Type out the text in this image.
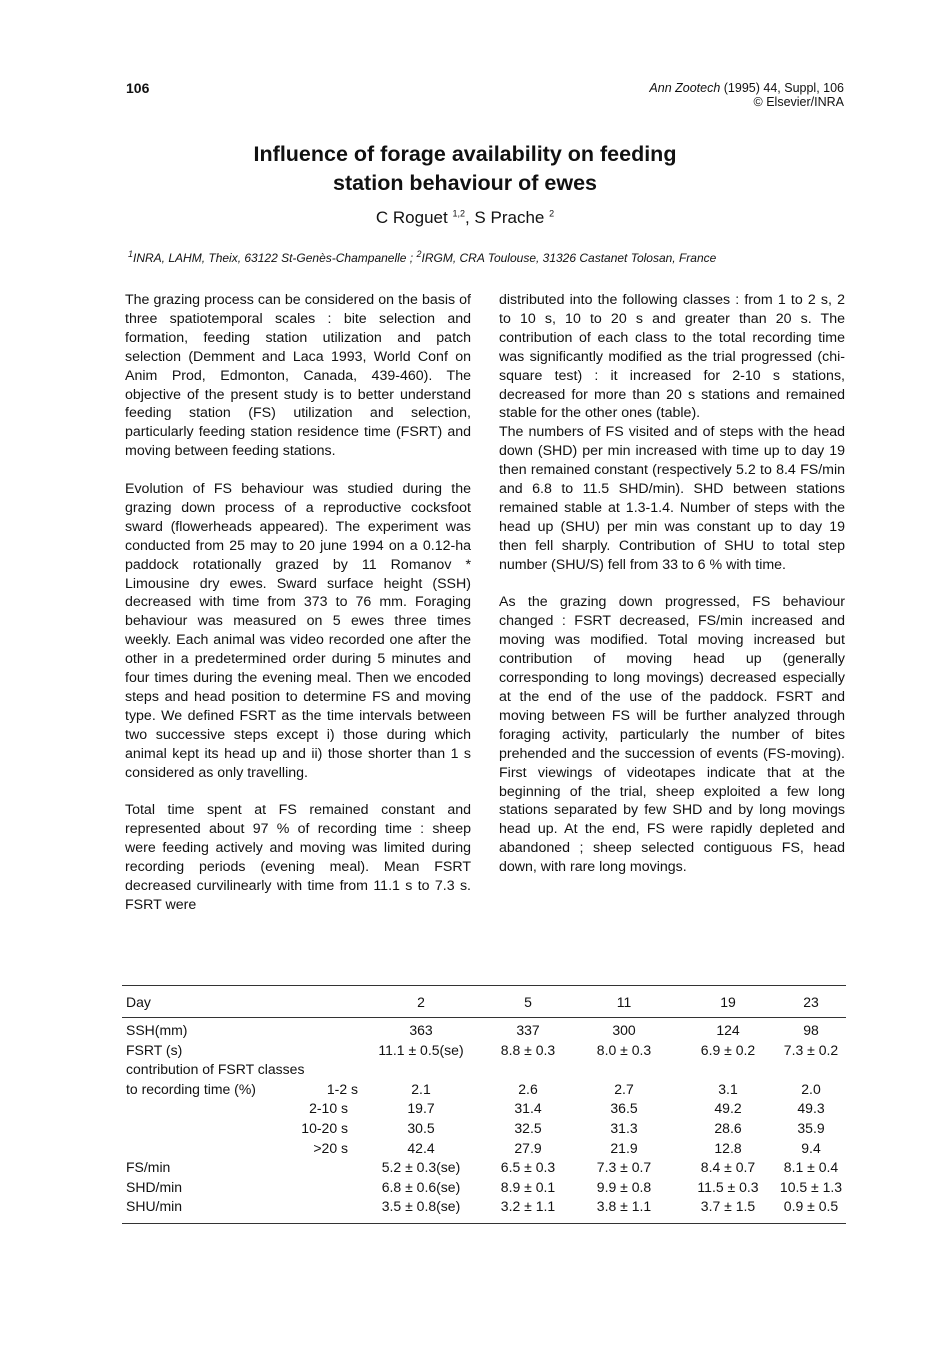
106	Ann Zootech (1995) 44, Suppl, 106
© Elsevier/INRA
Influence of forage availability on feeding
station behaviour of ewes
C Roguet $^{1,2}$, S Prache $^2$
$^1$INRA, LAHM, Theix, 63122 St-Genès-Champanelle ; $^2$IRGM, CRA Toulouse, 31326 Castanet Tolosan, France

The grazing process can be considered on the basis of three spatiotemporal scales : bite selection and formation, feeding station utilization and patch selection (Demment and Laca 1993, World Conf on Anim Prod, Edmonton, Canada, 439-460). The objective of the present study is to better understand feeding station (FS) utilization and selection, particularly feeding station residence time (FSRT) and moving between feeding stations.

Evolution of FS behaviour was studied during the grazing down process of a reproductive cocksfoot sward (flowerheads appeared). The experiment was conducted from 25 may to 20 june 1994 on a 0.12-ha paddock rotationally grazed by 11 Romanov * Limousine dry ewes. Sward surface height (SSH) decreased with time from 373 to 76 mm. Foraging behaviour was measured on 5 ewes three times weekly. Each animal was video recorded one after the other in a predetermined order during 5 minutes and four times during the evening meal. Then we encoded steps and head position to determine FS and moving type. We defined FSRT as the time intervals between two successive steps except i) those during which animal kept its head up and ii) those shorter than 1 s considered as only travelling.

Total time spent at FS remained constant and represented about 97 % of recording time : sheep were feeding actively and moving was limited during recording periods (evening meal). Mean FSRT decreased curvilinearly with time from 11.1 s to 7.3 s. FSRT were

distributed into the following classes : from 1 to 2 s, 2 to 10 s, 10 to 20 s and greater than 20 s. The contribution of each class to the total recording time was significantly modified as the trial progressed (chi-square test) : it increased for 2-10 s stations, decreased for more than 20 s stations and remained stable for the other ones (table).

The numbers of FS visited and of steps with the head down (SHD) per min increased with time up to day 19 then remained constant (respectively 5.2 to 8.4 FS/min and 6.8 to 11.5 SHD/min). SHD between stations remained stable at 1.3-1.4. Number of steps with the head up (SHU) per min was constant up to day 19 then fell sharply. Contribution of SHU to total step number (SHU/S) fell from 33 to 6 % with time.

As the grazing down progressed, FS behaviour changed : FSRT decreased, FS/min increased and moving was modified. Total moving increased but contribution of moving head up (generally corresponding to long movings) decreased especially at the end of the use of the paddock. FSRT and moving between FS will be further analyzed through foraging activity, particularly the number of bites prehended and the succession of events (FS-moving). First viewings of videotapes indicate that at the beginning of the trial, sheep exploited a few long stations separated by few SHD and by long movings head up. At the end, FS were rapidly depleted and abandoned ; sheep selected contiguous FS, head down, with rare long movings.

Day	2	5	11	19	23
SSH(mm)	363	337	300	124	98
FSRT (s)	11.1 ± 0.5(se)	8.8 ± 0.3	8.0 ± 0.3	6.9 ± 0.2	7.3 ± 0.2
contribution of FSRT classes
to recording time (%)	1-2 s	2.1	2.6	2.7	3.1	2.0
2-10 s	19.7	31.4	36.5	49.2	49.3
10-20 s	30.5	32.5	31.3	28.6	35.9
>20 s	42.4	27.9	21.9	12.8	9.4
FS/min	5.2 ± 0.3(se)	6.5 ± 0.3	7.3 ± 0.7	8.4 ± 0.7	8.1 ± 0.4
SHD/min	6.8 ± 0.6(se)	8.9 ± 0.1	9.9 ± 0.8	11.5 ± 0.3	10.5 ± 1.3
SHU/min	3.5 ± 0.8(se)	3.2 ± 1.1	3.8 ± 1.1	3.7 ± 1.5	0.9 ± 0.5
